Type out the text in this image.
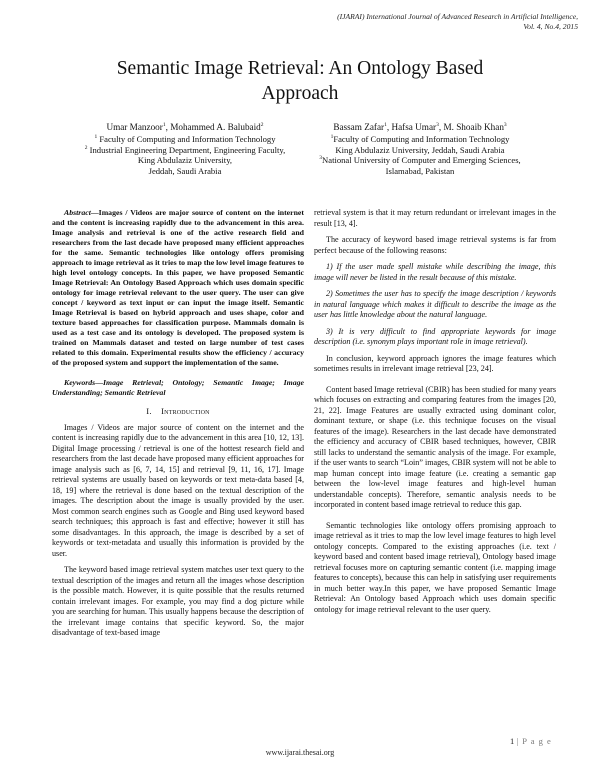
(IJARAI) International Journal of Advanced Research in Artificial Intelligence,
Vol. 4, No.4, 2015
Semantic Image Retrieval: An Ontology Based
Approach
Umar Manzoor$^1$, Mohammed A. Balubaid$^2$
$^1$ Faculty of Computing and Information Technology
$^2$ Industrial Engineering Department, Engineering Faculty,
King Abdulaziz University,
Jeddah, Saudi Arabia
Bassam Zafar$^1$, Hafsa Umar$^3$, M. Shoaib Khan$^3$
$^1$Faculty of Computing and Information Technology
King Abdulaziz University, Jeddah, Saudi Arabia
$^3$National University of Computer and Emerging Sciences,
Islamabad, Pakistan

Abstract—Images / Videos are major source of content on the internet and the content is increasing rapidly due to the advancement in this area. Image analysis and retrieval is one of the active research field and researchers from the last decade have proposed many efficient approaches for the same. Semantic technologies like ontology offers promising approach to image retrieval as it tries to map the low level image features to high level ontology concepts. In this paper, we have proposed Semantic Image Retrieval: An Ontology Based Approach which uses domain specific ontology for image retrieval relevant to the user query. The user can give concept / keyword as text input or can input the image itself. Semantic Image Retrieval is based on hybrid approach and uses shape, color and texture based approaches for classification purpose. Mammals domain is used as a test case and its ontology is developed. The proposed system is trained on Mammals dataset and tested on large number of test cases related to this domain. Experimental results show the efficiency / accuracy of the proposed system and support the implementation of the same.

Keywords—Image Retrieval; Ontology; Semantic Image; Image Understanding; Semantic Retrieval

I. Introduction

Images / Videos are major source of content on the internet and the content is increasing rapidly due to the advancement in this area [10, 12, 13]. Digital Image processing / retrieval is one of the hottest research field and researchers from the last decade have proposed many efficient approaches for image analysis such as [6, 7, 14, 15] and retrieval [9, 11, 16, 17]. Image retrieval systems are usually based on keywords or text meta-data based [4, 18, 19] where the retrieval is done based on the textual description of the images. The description about the image is usually provided by the user. Most common search engines such as Google and Bing used keyword based search techniques; this approach is fast and effective; however it still has some disadvantages. In this approach, the image is described by a set of keywords or text-metadata and usually this information is provided by the user.

The keyword based image retrieval system matches user text query to the textual description of the images and return all the images whose description is the possible match. However, it is quite possible that the results returned contain irrelevant images. For example, you may find a dog picture while you are searching for human. This usually happens because the description of the irrelevant image contains that specific keyword. So, the major disadvantage of text-based image

retrieval system is that it may return redundant or irrelevant images in the result [13, 4].

The accuracy of keyword based image retrieval systems is far from perfect because of the following reasons:

1) If the user made spell mistake while describing the image, this image will never be listed in the result because of this mistake.

2) Sometimes the user has to specify the image description / keywords in natural language which makes it difficult to describe the image as the user has little knowledge about the natural language.

3) It is very difficult to find appropriate keywords for image description (i.e. synonym plays important role in image retrieval).

In conclusion, keyword approach ignores the image features which sometimes results in irrelevant image retrieval [23, 24].

Content based Image retrieval (CBIR) has been studied for many years which focuses on extracting and comparing features from the images [20, 21, 22]. Image Features are usually extracted using dominant color, dominant texture, or shape (i.e. this technique focuses on the visual features of the image). Researchers in the last decade have demonstrated the efficiency and accuracy of CBIR based techniques, however, CBIR still lacks to understand the semantic analysis of the image. For example, if the user wants to search “Loin” images, CBIR system will not be able to map human concept into image feature (i.e. creating a semantic gap between the low-level image features and high-level human understandable concepts). Therefore, semantic analysis needs to be incorporated in content based image retrieval to reduce this gap.

Semantic technologies like ontology offers promising approach to image retrieval as it tries to map the low level image features to high level ontology concepts. Compared to the existing approaches (i.e. text / keyword based and content based image retrieval), Ontology based image retrieval focuses more on capturing semantic content (i.e. mapping image features to concepts), because this can help in satisfying user requirements in much better way.In this paper, we have proposed Semantic Image Retrieval: An Ontology based Approach which uses domain specific ontology for image retrieval relevant to the user query.

1 | P a g e
www.ijarai.thesai.org
